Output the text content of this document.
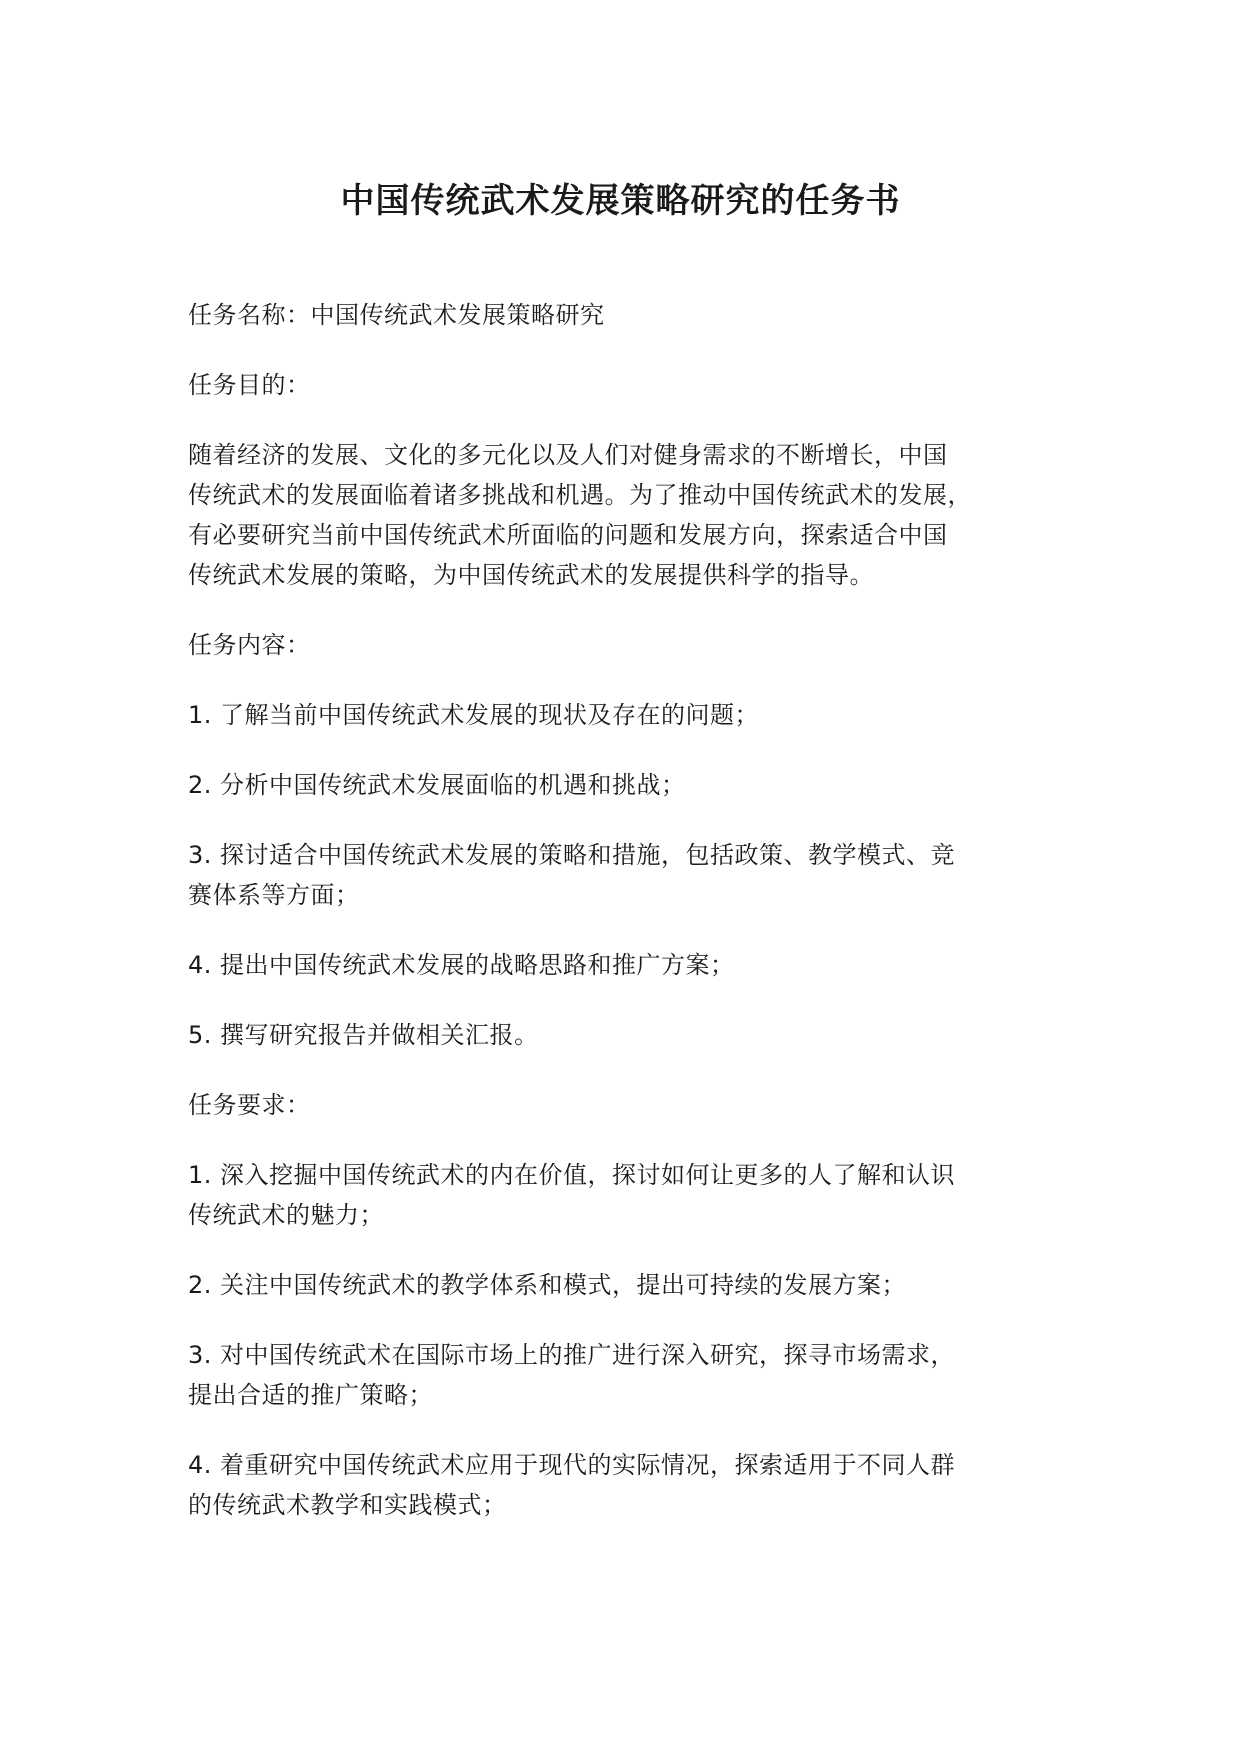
中国传统武术发展策略研究的任务书

任务名称：中国传统武术发展策略研究

任务目的：

随着经济的发展、文化的多元化以及人们对健身需求的不断增长，中国
传统武术的发展面临着诸多挑战和机遇。为了推动中国传统武术的发展，
有必要研究当前中国传统武术所面临的问题和发展方向，探索适合中国
传统武术发展的策略，为中国传统武术的发展提供科学的指导。

任务内容：

1. 了解当前中国传统武术发展的现状及存在的问题；

2. 分析中国传统武术发展面临的机遇和挑战；

3. 探讨适合中国传统武术发展的策略和措施，包括政策、教学模式、竞
赛体系等方面；

4. 提出中国传统武术发展的战略思路和推广方案；

5. 撰写研究报告并做相关汇报。

任务要求：

1. 深入挖掘中国传统武术的内在价值，探讨如何让更多的人了解和认识
传统武术的魅力；

2. 关注中国传统武术的教学体系和模式，提出可持续的发展方案；

3. 对中国传统武术在国际市场上的推广进行深入研究，探寻市场需求，
提出合适的推广策略；

4. 着重研究中国传统武术应用于现代的实际情况，探索适用于不同人群
的传统武术教学和实践模式；
